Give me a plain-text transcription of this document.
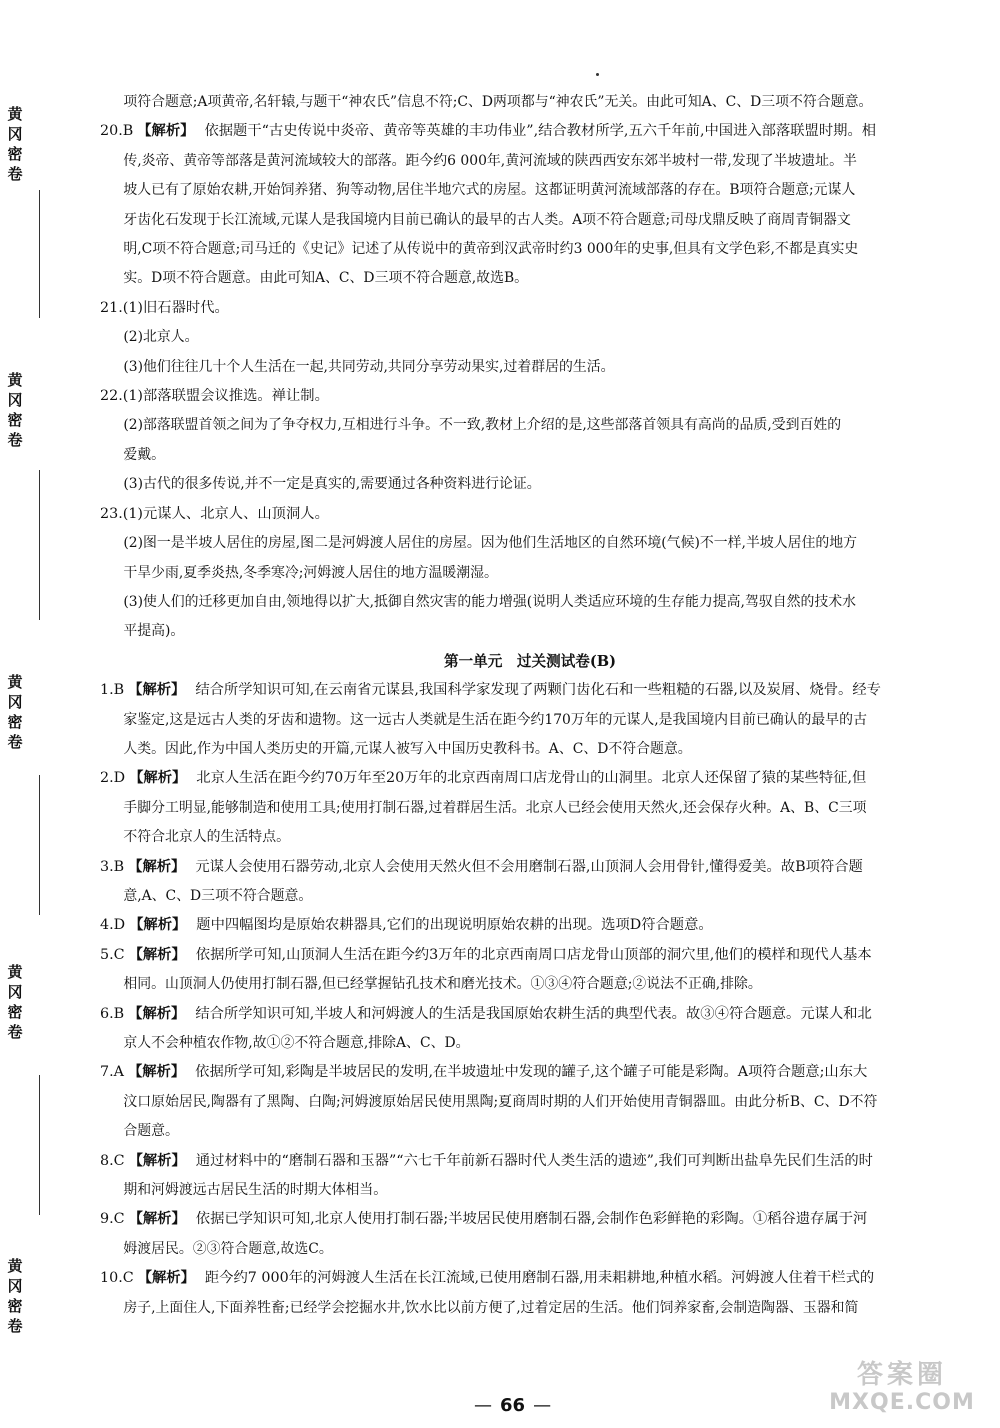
黄冈密卷
黄冈密卷
黄冈密卷
黄冈密卷
黄冈密卷
项符合题意;A项黄帝,名轩辕,与题干“神农氏”信息不符;C、D两项都与“神农氏”无关。由此可知A、C、D三项不符合题意。
20.B 【解析】 依据题干“古史传说中炎帝、黄帝等英雄的丰功伟业”,结合教材所学,五六千年前,中国进入部落联盟时期。相
传,炎帝、黄帝等部落是黄河流域较大的部落。距今约6 000年,黄河流域的陕西西安东郊半坡村一带,发现了半坡遗址。半
坡人已有了原始农耕,开始饲养猪、狗等动物,居住半地穴式的房屋。这都证明黄河流域部落的存在。B项符合题意;元谋人
牙齿化石发现于长江流域,元谋人是我国境内目前已确认的最早的古人类。A项不符合题意;司母戊鼎反映了商周青铜器文
明,C项不符合题意;司马迁的《史记》记述了从传说中的黄帝到汉武帝时约3 000年的史事,但具有文学色彩,不都是真实史
实。D项不符合题意。由此可知A、C、D三项不符合题意,故选B。
21.(1)旧石器时代。
(2)北京人。
(3)他们往往几十个人生活在一起,共同劳动,共同分享劳动果实,过着群居的生活。
22.(1)部落联盟会议推选。禅让制。
(2)部落联盟首领之间为了争夺权力,互相进行斗争。不一致,教材上介绍的是,这些部落首领具有高尚的品质,受到百姓的
爱戴。
(3)古代的很多传说,并不一定是真实的,需要通过各种资料进行论证。
23.(1)元谋人、北京人、山顶洞人。
(2)图一是半坡人居住的房屋,图二是河姆渡人居住的房屋。因为他们生活地区的自然环境(气候)不一样,半坡人居住的地方
干旱少雨,夏季炎热,冬季寒冷;河姆渡人居住的地方温暖潮湿。
(3)使人们的迁移更加自由,领地得以扩大,抵御自然灾害的能力增强(说明人类适应环境的生存能力提高,驾驭自然的技术水
平提高)。
第一单元　过关测试卷(B)
1.B 【解析】 结合所学知识可知,在云南省元谋县,我国科学家发现了两颗门齿化石和一些粗糙的石器,以及炭屑、烧骨。经专
家鉴定,这是远古人类的牙齿和遗物。这一远古人类就是生活在距今约170万年的元谋人,是我国境内目前已确认的最早的古
人类。因此,作为中国人类历史的开篇,元谋人被写入中国历史教科书。A、C、D不符合题意。
2.D 【解析】 北京人生活在距今约70万年至20万年的北京西南周口店龙骨山的山洞里。北京人还保留了猿的某些特征,但
手脚分工明显,能够制造和使用工具;使用打制石器,过着群居生活。北京人已经会使用天然火,还会保存火种。A、B、C三项
不符合北京人的生活特点。
3.B 【解析】 元谋人会使用石器劳动,北京人会使用天然火但不会用磨制石器,山顶洞人会用骨针,懂得爱美。故B项符合题
意,A、C、D三项不符合题意。
4.D 【解析】 题中四幅图均是原始农耕器具,它们的出现说明原始农耕的出现。选项D符合题意。
5.C 【解析】 依据所学可知,山顶洞人生活在距今约3万年的北京西南周口店龙骨山顶部的洞穴里,他们的模样和现代人基本
相同。山顶洞人仍使用打制石器,但已经掌握钻孔技术和磨光技术。①③④符合题意;②说法不正确,排除。
6.B 【解析】 结合所学知识可知,半坡人和河姆渡人的生活是我国原始农耕生活的典型代表。故③④符合题意。元谋人和北
京人不会种植农作物,故①②不符合题意,排除A、C、D。
7.A 【解析】 依据所学可知,彩陶是半坡居民的发明,在半坡遗址中发现的罐子,这个罐子可能是彩陶。A项符合题意;山东大
汶口原始居民,陶器有了黑陶、白陶;河姆渡原始居民使用黑陶;夏商周时期的人们开始使用青铜器皿。由此分析B、C、D不符
合题意。
8.C 【解析】 通过材料中的“磨制石器和玉器”“六七千年前新石器时代人类生活的遗迹”,我们可判断出盐阜先民们生活的时
期和河姆渡远古居民生活的时期大体相当。
9.C 【解析】 依据已学知识可知,北京人使用打制石器;半坡居民使用磨制石器,会制作色彩鲜艳的彩陶。①稻谷遗存属于河
姆渡居民。②③符合题意,故选C。
10.C 【解析】 距今约7 000年的河姆渡人生活在长江流域,已使用磨制石器,用耒耜耕地,种植水稻。河姆渡人住着干栏式的
房子,上面住人,下面养牲畜;已经学会挖掘水井,饮水比以前方便了,过着定居的生活。他们饲养家畜,会制造陶器、玉器和简
— 66 —
答案圈
MXQE.COM
